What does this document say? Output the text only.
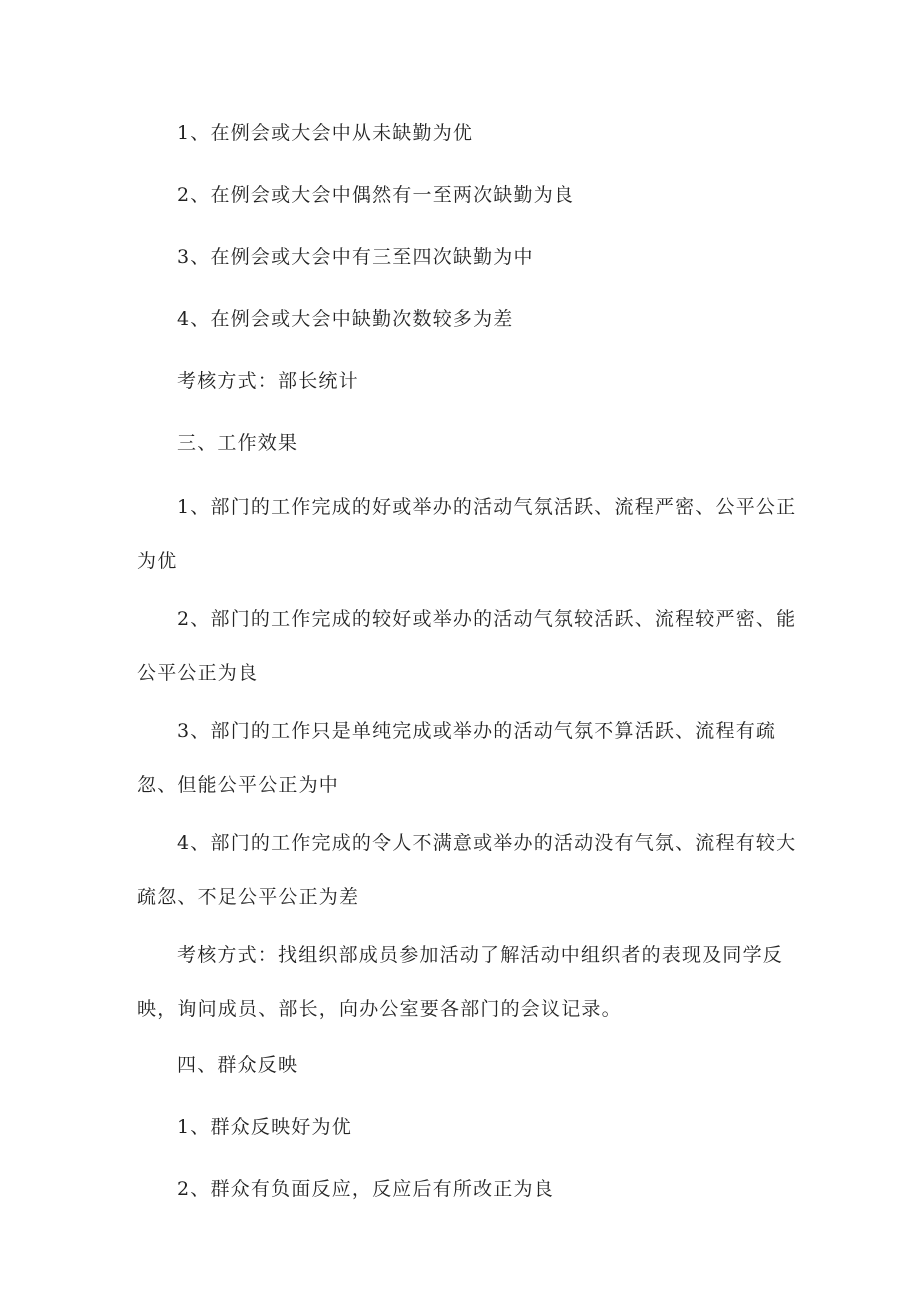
1、在例会或大会中从未缺勤为优

2、在例会或大会中偶然有一至两次缺勤为良

3、在例会或大会中有三至四次缺勤为中

4、在例会或大会中缺勤次数较多为差

考核方式：部长统计

三、工作效果

1、部门的工作完成的好或举办的活动气氛活跃、流程严密、公平公正为优

2、部门的工作完成的较好或举办的活动气氛较活跃、流程较严密、能公平公正为良

3、部门的工作只是单纯完成或举办的活动气氛不算活跃、流程有疏忽、但能公平公正为中

4、部门的工作完成的令人不满意或举办的活动没有气氛、流程有较大疏忽、不足公平公正为差

考核方式：找组织部成员参加活动了解活动中组织者的表现及同学反映，询问成员、部长，向办公室要各部门的会议记录。

四、群众反映

1、群众反映好为优

2、群众有负面反应，反应后有所改正为良
